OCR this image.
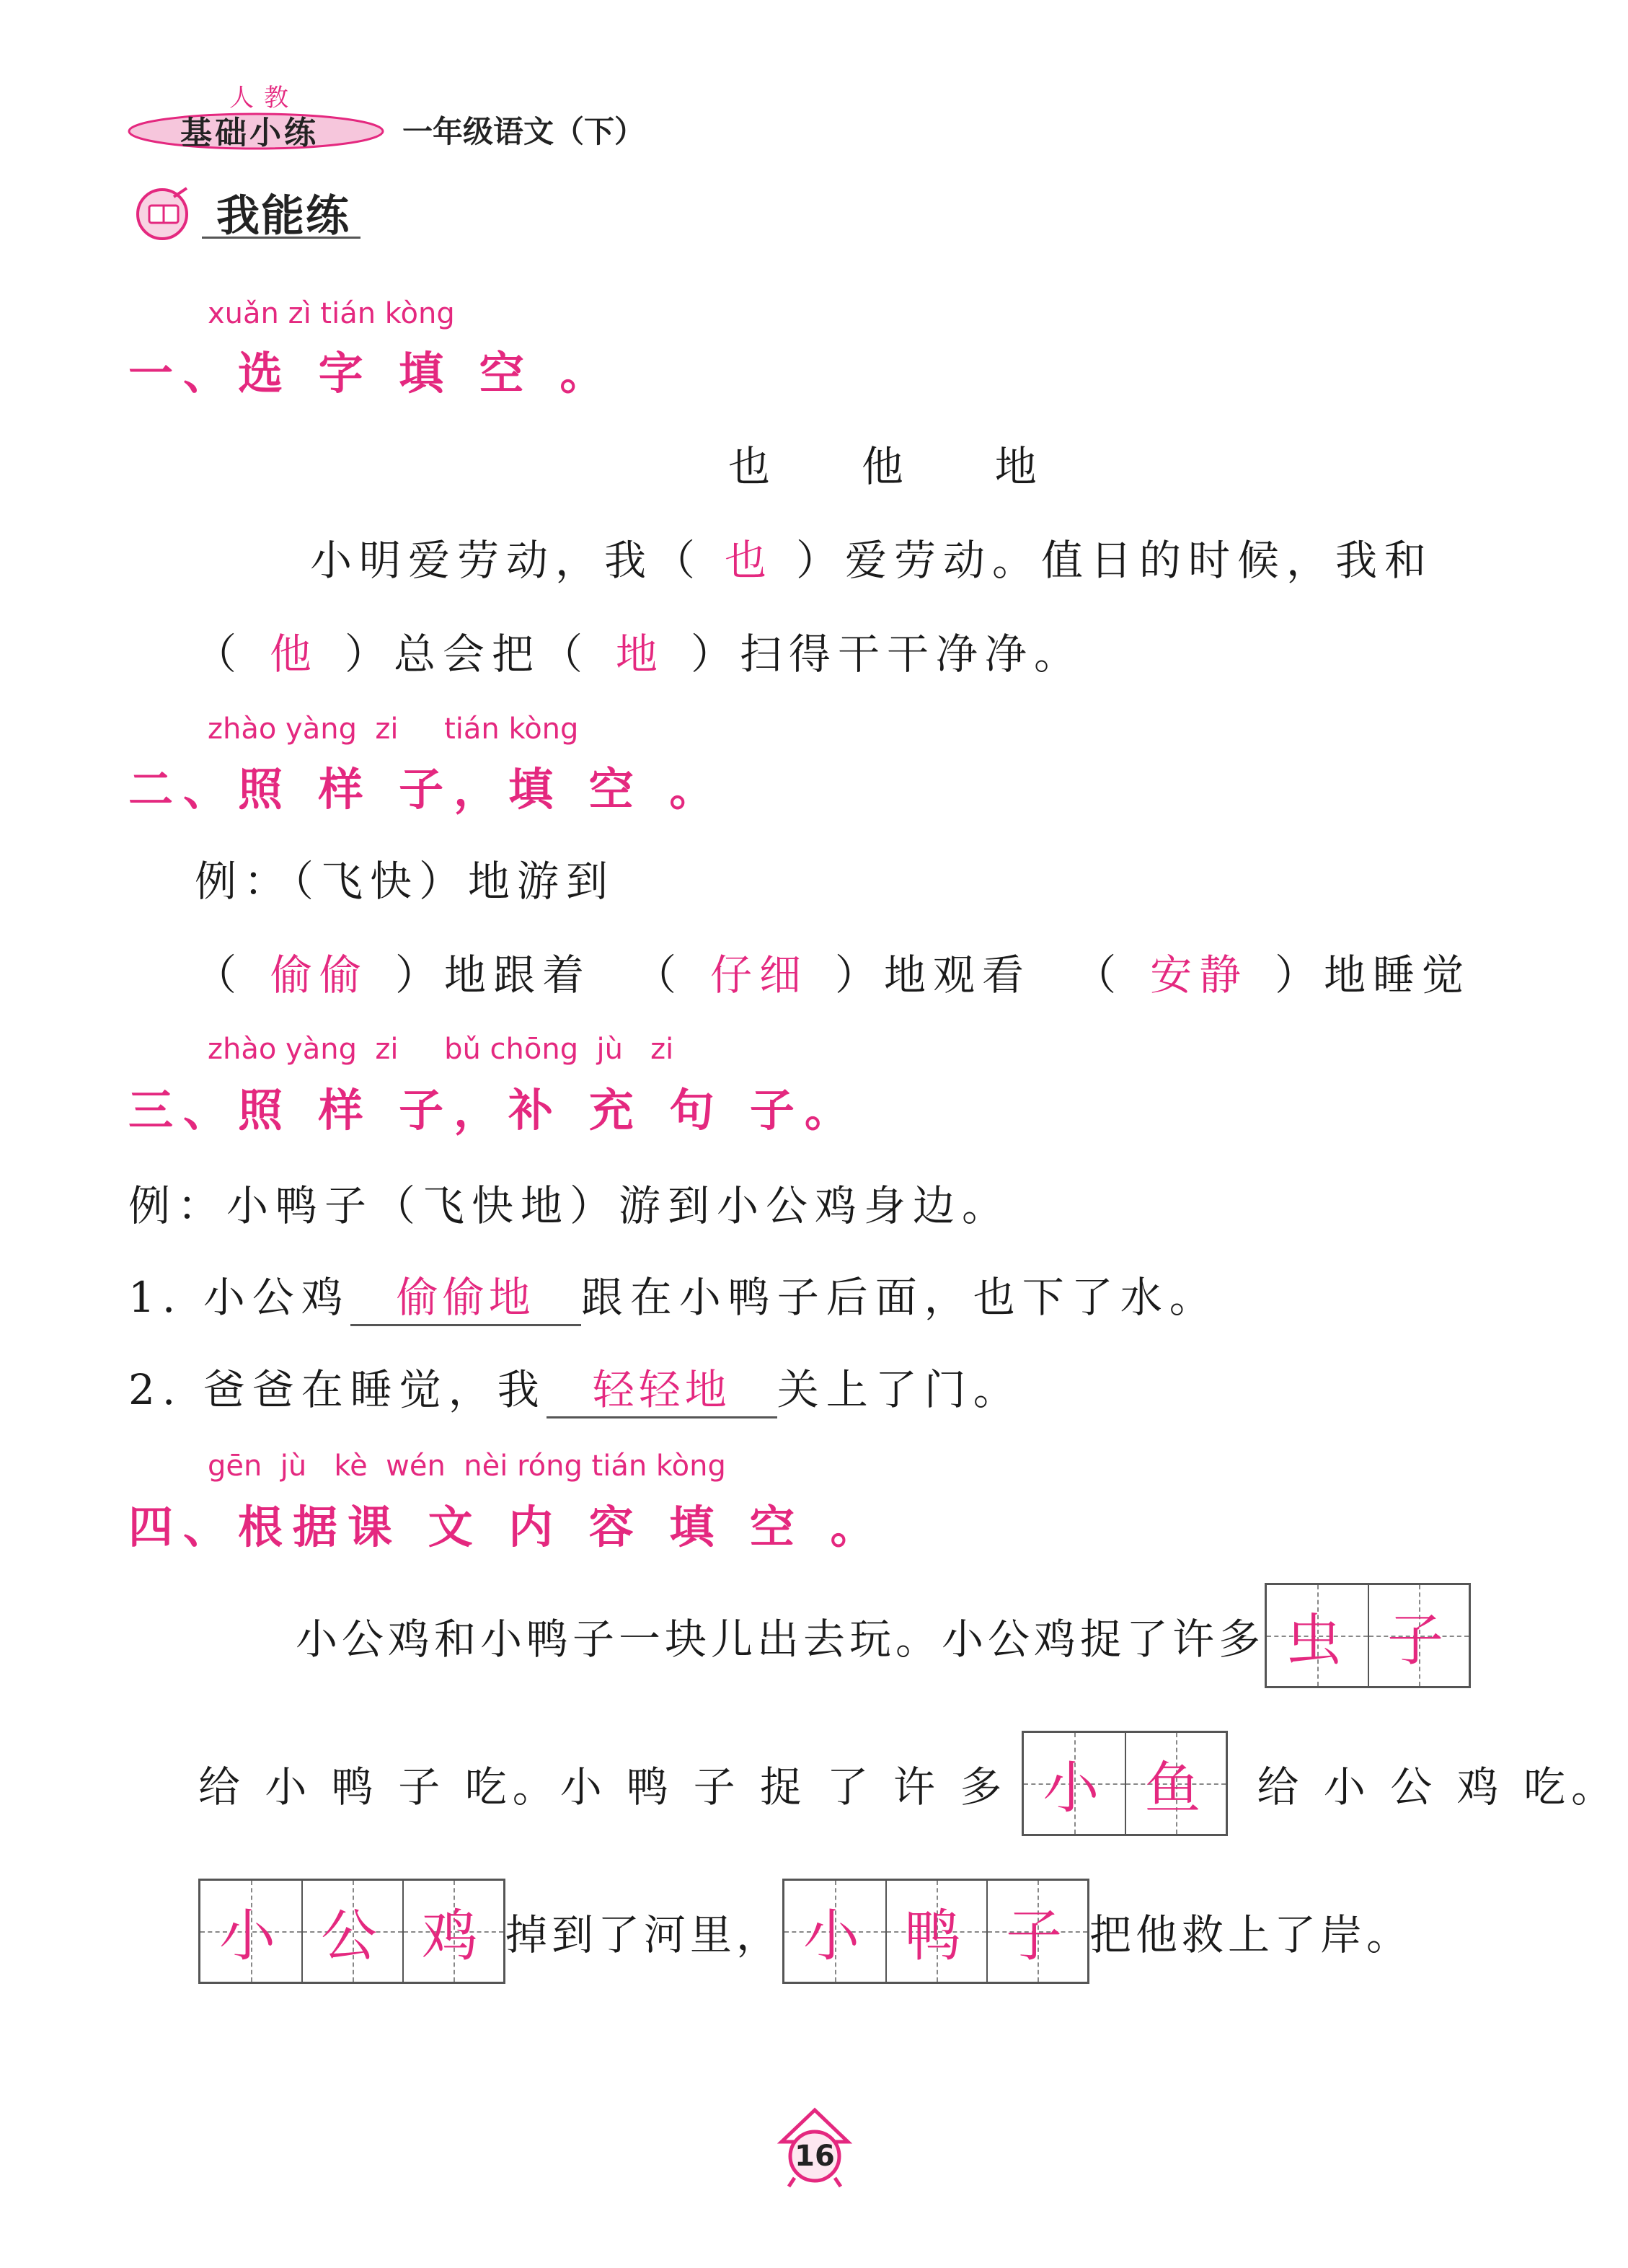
人教
基础小练	一年级语文（下）
我能练
xuǎn zì tián kòng
一、选 字 填 空 。
也  他  地
小明爱劳动，我（ 也 ）爱劳动。值日的时候，我和
（ 他 ）总会把（ 地 ）扫得干干净净。
zhào yàng  zi     tián kòng
二、照 样 子，填 空 。
例：（飞快）地游到
（ 偷偷 ）地跟着 （ 仔细 ）地观看 （ 安静 ）地睡觉
zhào yàng  zi     bǔ chōng  jù   zi
三、照 样 子，补 充 句 子。
例：小鸭子（飞快地）游到小公鸡身边。
1. 小公鸡 偷偷地 跟在小鸭子后面，也下了水。
2. 爸爸在睡觉，我 轻轻地 关上了门。
gēn  jù   kè  wén  nèi róng tián kòng
四、根据课 文 内 容 填 空 。
小公鸡和小鸭子一块儿出去玩。小公鸡捉了许多 虫 子
给 小 鸭 子 吃。小 鸭 子 捉 了 许 多 小 鱼 给 小 公 鸡 吃。
小 公 鸡 掉到了河里， 小 鸭 子 把他救上了岸。
16
